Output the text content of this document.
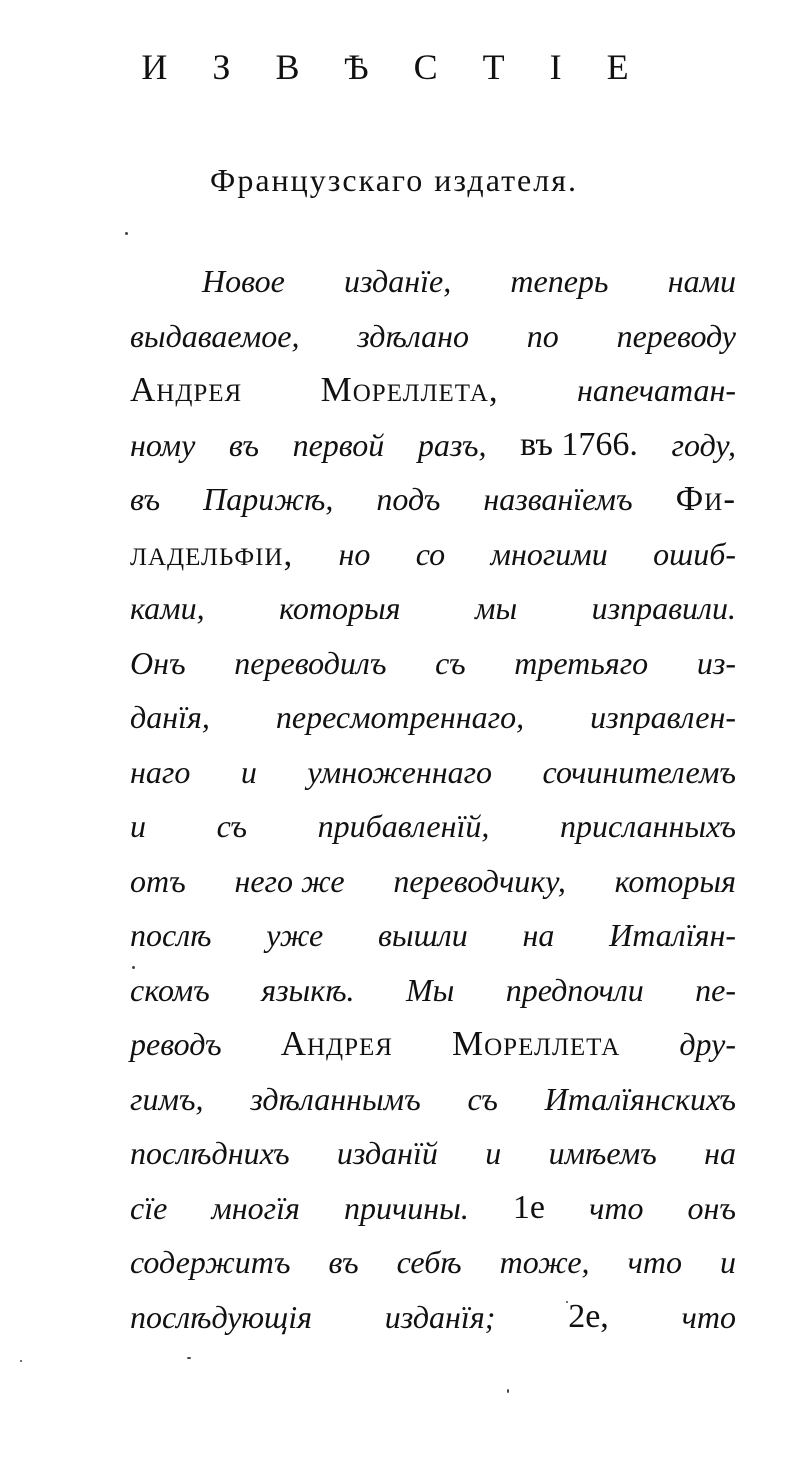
И З В Ѣ С Т І Е
Французскаго издателя.
Новое изданїе, теперь нами
выдаваемое, здѣлано по переводу
Андрея Мореллета, напечатан-
ному въ первой разъ, въ 1766. году,
въ Парижѣ, подъ названїемъ Фи-
ладельфіи, но со многими ошиб-
ками, которыя мы изправили.
Онъ переводилъ съ третьяго из-
данїя, пересмотреннаго, изправлен-
наго и умноженнаго сочинителемъ
и съ прибавленїй, присланныхъ
отъ него же переводчику, которыя
послѣ уже вышли на Италїян-
скомъ языкѣ. Мы предпочли пе-
реводъ Андрея Мореллета дру-
гимъ, здѣланнымъ съ Италїянскихъ
послѣднихъ изданїй и имѣемъ на
сїе многїя причины. 1е что онъ
содержитъ въ себѣ тоже, что и
послѣдующія изданїя; 2е, что
